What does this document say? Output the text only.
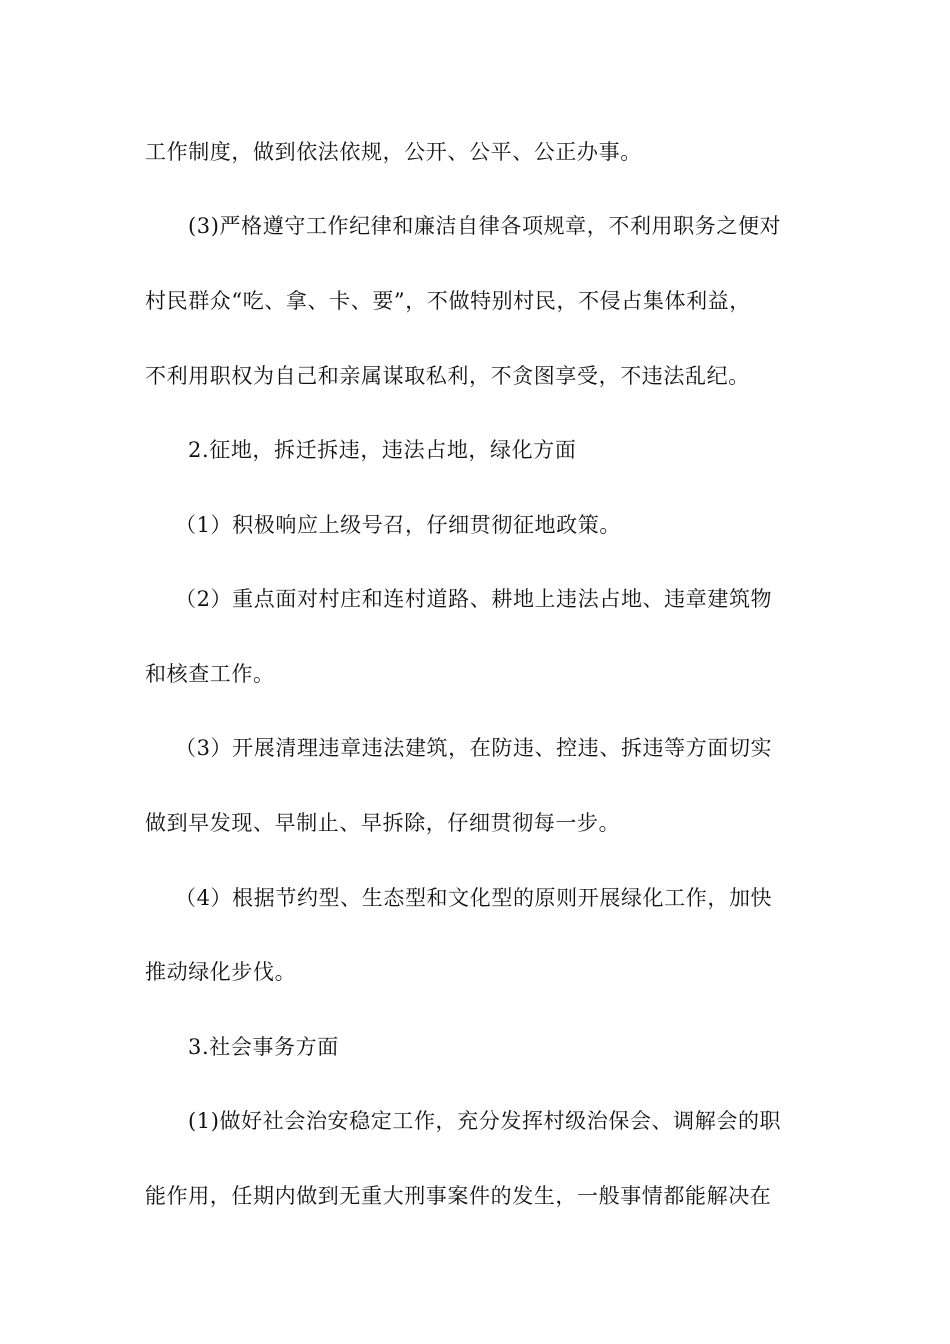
工作制度，做到依法依规，公开、公平、公正办事。
(3)严格遵守工作纪律和廉洁自律各项规章，不利用职务之便对
村民群众“吃、拿、卡、要”，不做特别村民，不侵占集体利益，
不利用职权为自己和亲属谋取私利，不贪图享受，不违法乱纪。
2.征地，拆迁拆违，违法占地，绿化方面
（1）积极响应上级号召，仔细贯彻征地政策。
（2）重点面对村庄和连村道路、耕地上违法占地、违章建筑物
和核查工作。
（3）开展清理违章违法建筑，在防违、控违、拆违等方面切实
做到早发现、早制止、早拆除，仔细贯彻每一步。
（4）根据节约型、生态型和文化型的原则开展绿化工作，加快
推动绿化步伐。
3.社会事务方面
(1)做好社会治安稳定工作，充分发挥村级治保会、调解会的职
能作用，任期内做到无重大刑事案件的发生，一般事情都能解决在
